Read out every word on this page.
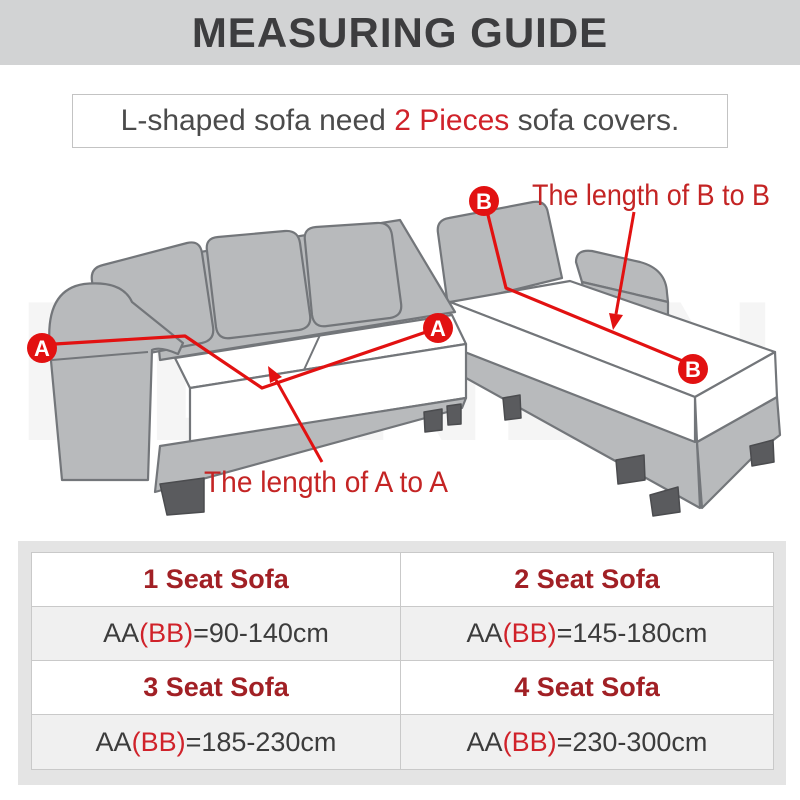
MEASURING GUIDE
L-shaped sofa need 2 Pieces sofa covers.
A
A
B
B
The length of B to B
The length of A to A
1 Seat Sofa	2 Seat Sofa
AA(BB)=90-140cm	AA(BB)=145-180cm
3 Seat Sofa	4 Seat Sofa
AA(BB)=185-230cm	AA(BB)=230-300cm
